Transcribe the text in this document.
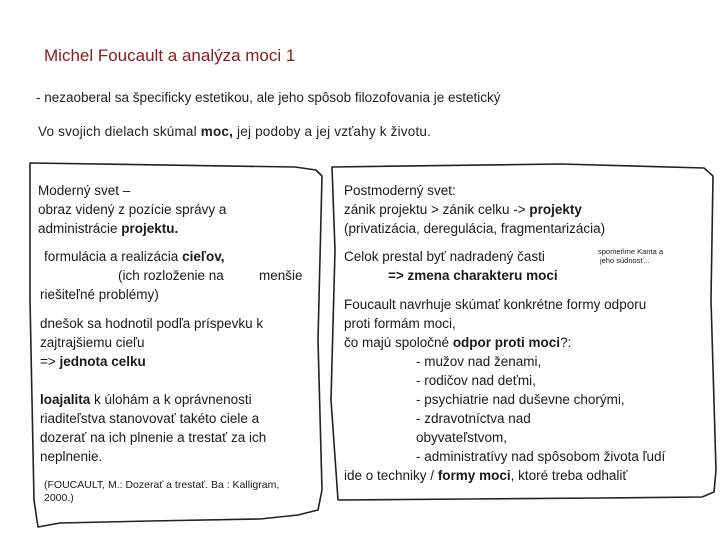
Michel Foucault a analýza moci 1
- nezaoberal sa špecificky estetikou, ale jeho spôsob filozofovania je estetický
Vo svojich dielach skúmal moc, jej podoby a jej vzťahy k životu.
Moderný svet –
obraz videný z pozície správy a
administrácie projektu.
formulácia a realizácia cieľov,
(ich rozloženie na	menšie
riešiteľné problémy)
dnešok sa hodnotil podľa príspevku k
zajtrajšiemu cieľu
=> jednota celku
loajalita k úlohám a k oprávnenosti
riaditeľstva stanovovať takéto ciele a
dozerať na ich plnenie a trestať za ich
neplnenie.
(FOUCAULT, M.: Dozerať a trestať. Ba : Kalligram,
2000.)
Postmoderný svet:
zánik projektu > zánik celku -> projekty
(privatizácia, deregulácia, fragmentarizácia)
Celok prestal byť nadradený časti	spomeňme Kanta a
jeho súdnosť...
=> zmena charakteru moci
Foucault navrhuje skúmať konkrétne formy odporu
proti formám moci,
čo majú spoločné odpor proti moci?:
- mužov nad ženami,
- rodičov nad deťmi,
- psychiatrie nad duševne chorými,
- zdravotníctva nad
obyvateľstvom,
- administratívy nad spôsobom života ľudí
ide o techniky / formy moci, ktoré treba odhaliť
